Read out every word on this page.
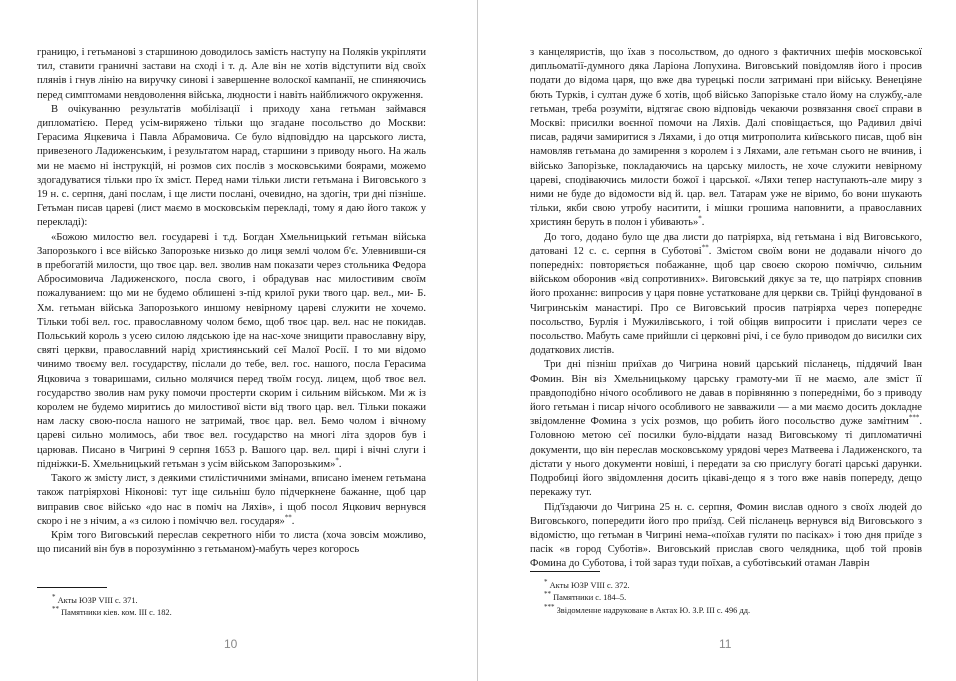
границю, і гетьманові з старшиною доводилось замість наступу на Поляків укріпляти тил, ставити граничні застави на сході і т. д. Але він не хотів відступити від своїх плянів і гнув лінію на виручку синові і завершенне волоскої кампанії, не спиняючись перед симптомами невдоволення війська, людности і навіть найближчого окруження.

В очікуванню результатів мобілізації і приходу хана гетьман займався дипломатією. Перед усім-виряжено тільки що згадане посольство до Москви: Герасима Яцкевича і Павла Абрамовича. Се було відповіддю на царського листа, привезеного Ладиженським, і результатом нарад, старшини з приводу нього. На жаль ми не маємо ні інструкцій, ні розмов сих послів з московськими боярами, можемо здогадуватися тільки про їх зміст. Перед нами тільки листи гетьмана і Виговського з 19 н. с. серпня, дані послам, і ще листи послані, очевидно, на здогін, три дні пізніше. Гетьман писав цареві (лист маємо в московськім перекладі, тому я даю його також у перекладі):

«Божою милостю вел. государеві і т.д. Богдан Хмельницький гетьман війська Запорозького і все військо Запорозьке низько до лиця землі чолом б'є. Улевнивши-ся в пребогатій милости, що твоє цар. вел. зволив нам показати через стольника Федора Абросимовича Ладиженского, посла свого, і обрадував нас милостивим своїм пожалуванием: що ми не будемо облишені з-під крилої руки твого цар. вел., ми- Б. Хм. гетьман війська Запорозького иншому невірному цареві служити не хочемо. Тільки тобі вел. гос. православному чолом бємо, щоб твоє цар. вел. нас не покидав. Польський король з усею силою лядською іде на нас-хоче знищити православну віру, святі церкви, православний нарід християнський сеї Малої Росії. І то ми відомо чинимо твоєму вел. государству, післали до тебе, вел. гос. нашого, посла Герасима Яцковича з товаришами, сильно молячися перед твоїм госуд. лицем, щоб твоє вел. государство зволив нам руку помочи простерти скорим і сильним військом. Ми ж із королем не будемо миритись до милостивої вісти від твого цар. вел. Тільки покажи нам ласку свою-посла нашого не затримай, твоє цар. вел. Бемо чолом і вічному цареві сильно молимось, аби твоє вел. государство на многі літа здоров був і царював. Писано в Чигрині 9 серпня 1653 р. Вашого цар. вел. щирі і вічні слуги і підніжки-Б. Хмельницький гетьман з усім військом Запорозьким»*.

Такого ж змісту лист, з деякими стилістичними змінами, вписано іменем гетьмана також патріярхові Ніконові: тут іще сильніш було підчеркнене бажанне, щоб цар виправив своє військо «до нас в поміч на Ляхів», і щоб посол Яцкович вернувся скоро і не з нічим, а «з силою і поміччю вел. государя»**.

Крім того Виговський переслав секретного ніби то листа (хоча зовсім можливо, що писаний він був в порозумінню з гетьманом)-мабуть через когорось

* Акты ЮЗР VIII с. 371.
** Памятники кіев. ком. III с. 182.
10

з канцеляристів, що їхав з посольством, до одного з фактичних шефів московської дипльоматії-думного дяка Ларіона Лопухина. Виговський повідомляв його і просив подати до відома царя, що вже два турецькі посли затримані при війську. Венеціяне бють Турків, і султан дуже б хотів, щоб військо Запорізьке стало йому на службу,-але гетьман, треба розуміти, відтягає свою відповідь чекаючи розвязання своєї справи в Москві: присилки воєнної помочи на Ляхів. Далі сповіщається, що Радивил двічі писав, радячи замиритися з Ляхами, і до отця митрополита київського писав, щоб він намовляв гетьмана до замирення з королем і з Ляхами, але гетьман сього не вчинив, і військо Запорізьке, покладаючись на царську милость, не хоче служити невірному цареві, сподіваючись милости божої і царської. «Ляхи тепер наступають-але миру з ними не буде до відомости від й. цар. вел. Татарам уже не віримо, бо вони шукають тільки, якби свою утробу наситити, і мішки грошима наповнити, а православних християн беруть в полон і убивають»*.

До того, додано було ще два листи до патріярха, від гетьмана і від Виговського, датовані 12 с. с. серпня в Суботові**. Змістом своїм вони не додавали нічого до попередніх: повторяється побажанне, щоб цар своєю скорою поміччю, сильним військом оборонив «від сопротивних». Виговський дякує за те, що патріярх сповнив його проханнє: випросив у царя повне устатковане для церкви св. Трійці фундованої в Чигринськім манастирі. Про се Виговський просив патріярха через попереднє посольство, Бурлія і Мужилівського, і той обіцяв випросити і прислати через се посольство. Мабуть саме прийшли сі церковні річі, і се було приводом до висилки сих додаткових листів.

Три дні пізніш приїхав до Чигрина новий царський післанець, піддячий Іван Фомин. Він віз Хмельницькому царську грамоту-ми її не маємо, але зміст її правдоподібно нічого особливого не давав в порівнянню з попередніми, бо з приводу його гетьман і писар нічого особливого не завважили — а ми маємо досить докладне звідомленне Фомина з усіх розмов, що робить його посольство дуже замітним***. Головною метою сеї посилки було-віддати назад Виговському ті дипломатичні документи, що він переслав московському урядові через Матвеева і Ладиженского, та дістати у нього документи новіші, і передати за сю прислугу богаті царські дарунки. Подробиці його звідомлення досить цікаві-дещо я з того вже навів попереду, дещо перекажу тут.

Під'їздаючи до Чигрина 25 н. с. серпня, Фомин вислав одного з своїх людей до Виговського, попередити його про приїзд. Сей післанець вернувся від Виговського з відомістю, що гетьман в Чигрині нема-«поїхав гуляти по пасіках» і тою дня приїде з пасік «в город Суботів». Виговський прислав свого челядника, щоб той провів Фомина до Суботова, і той зараз туди поїхав, а суботівський отаман Лаврін

* Акты ЮЗР VIII с. 372.
** Памятники с. 184–5.
*** Звідомленне надруковане в Актах Ю. З.Р. III с. 496 дд.
11
